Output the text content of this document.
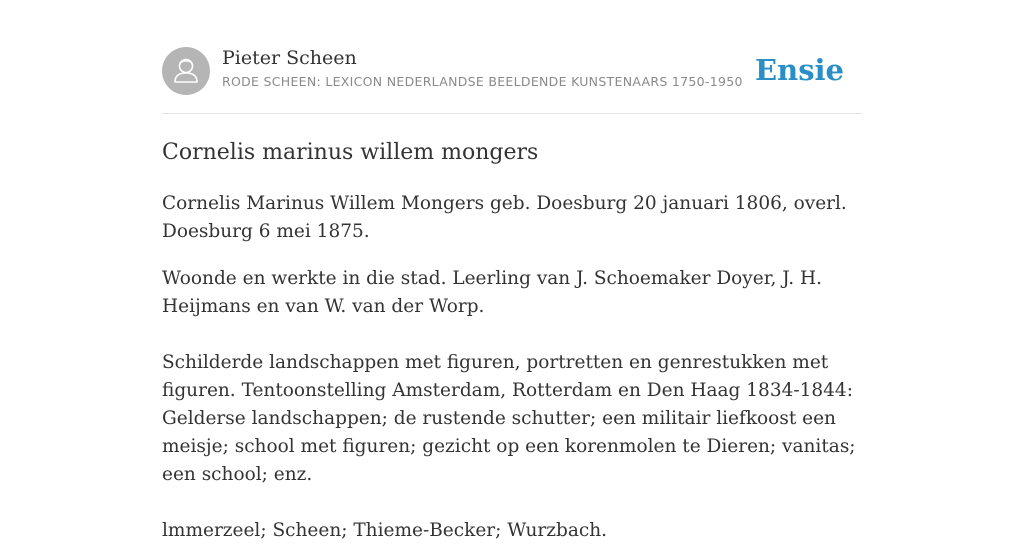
Pieter Scheen
RODE SCHEEN: LEXICON NEDERLANDSE BEELDENDE KUNSTENAARS 1750-1950 Ensie
Cornelis marinus willem mongers

Cornelis Marinus Willem Mongers geb. Doesburg 20 januari 1806, overl. Doesburg 6 mei 1875.

Woonde en werkte in die stad. Leerling van J. Schoemaker Doyer, J. H. Heijmans en van W. van der Worp.

Schilderde landschappen met figuren, portretten en genrestukken met figuren. Tentoonstelling Amsterdam, Rotterdam en Den Haag 1834-1844: Gelderse landschappen; de rustende schutter; een militair liefkoost een meisje; school met figuren; gezicht op een korenmolen te Dieren; vanitas; een school; enz.

lmmerzeel; Scheen; Thieme-Becker; Wurzbach.
